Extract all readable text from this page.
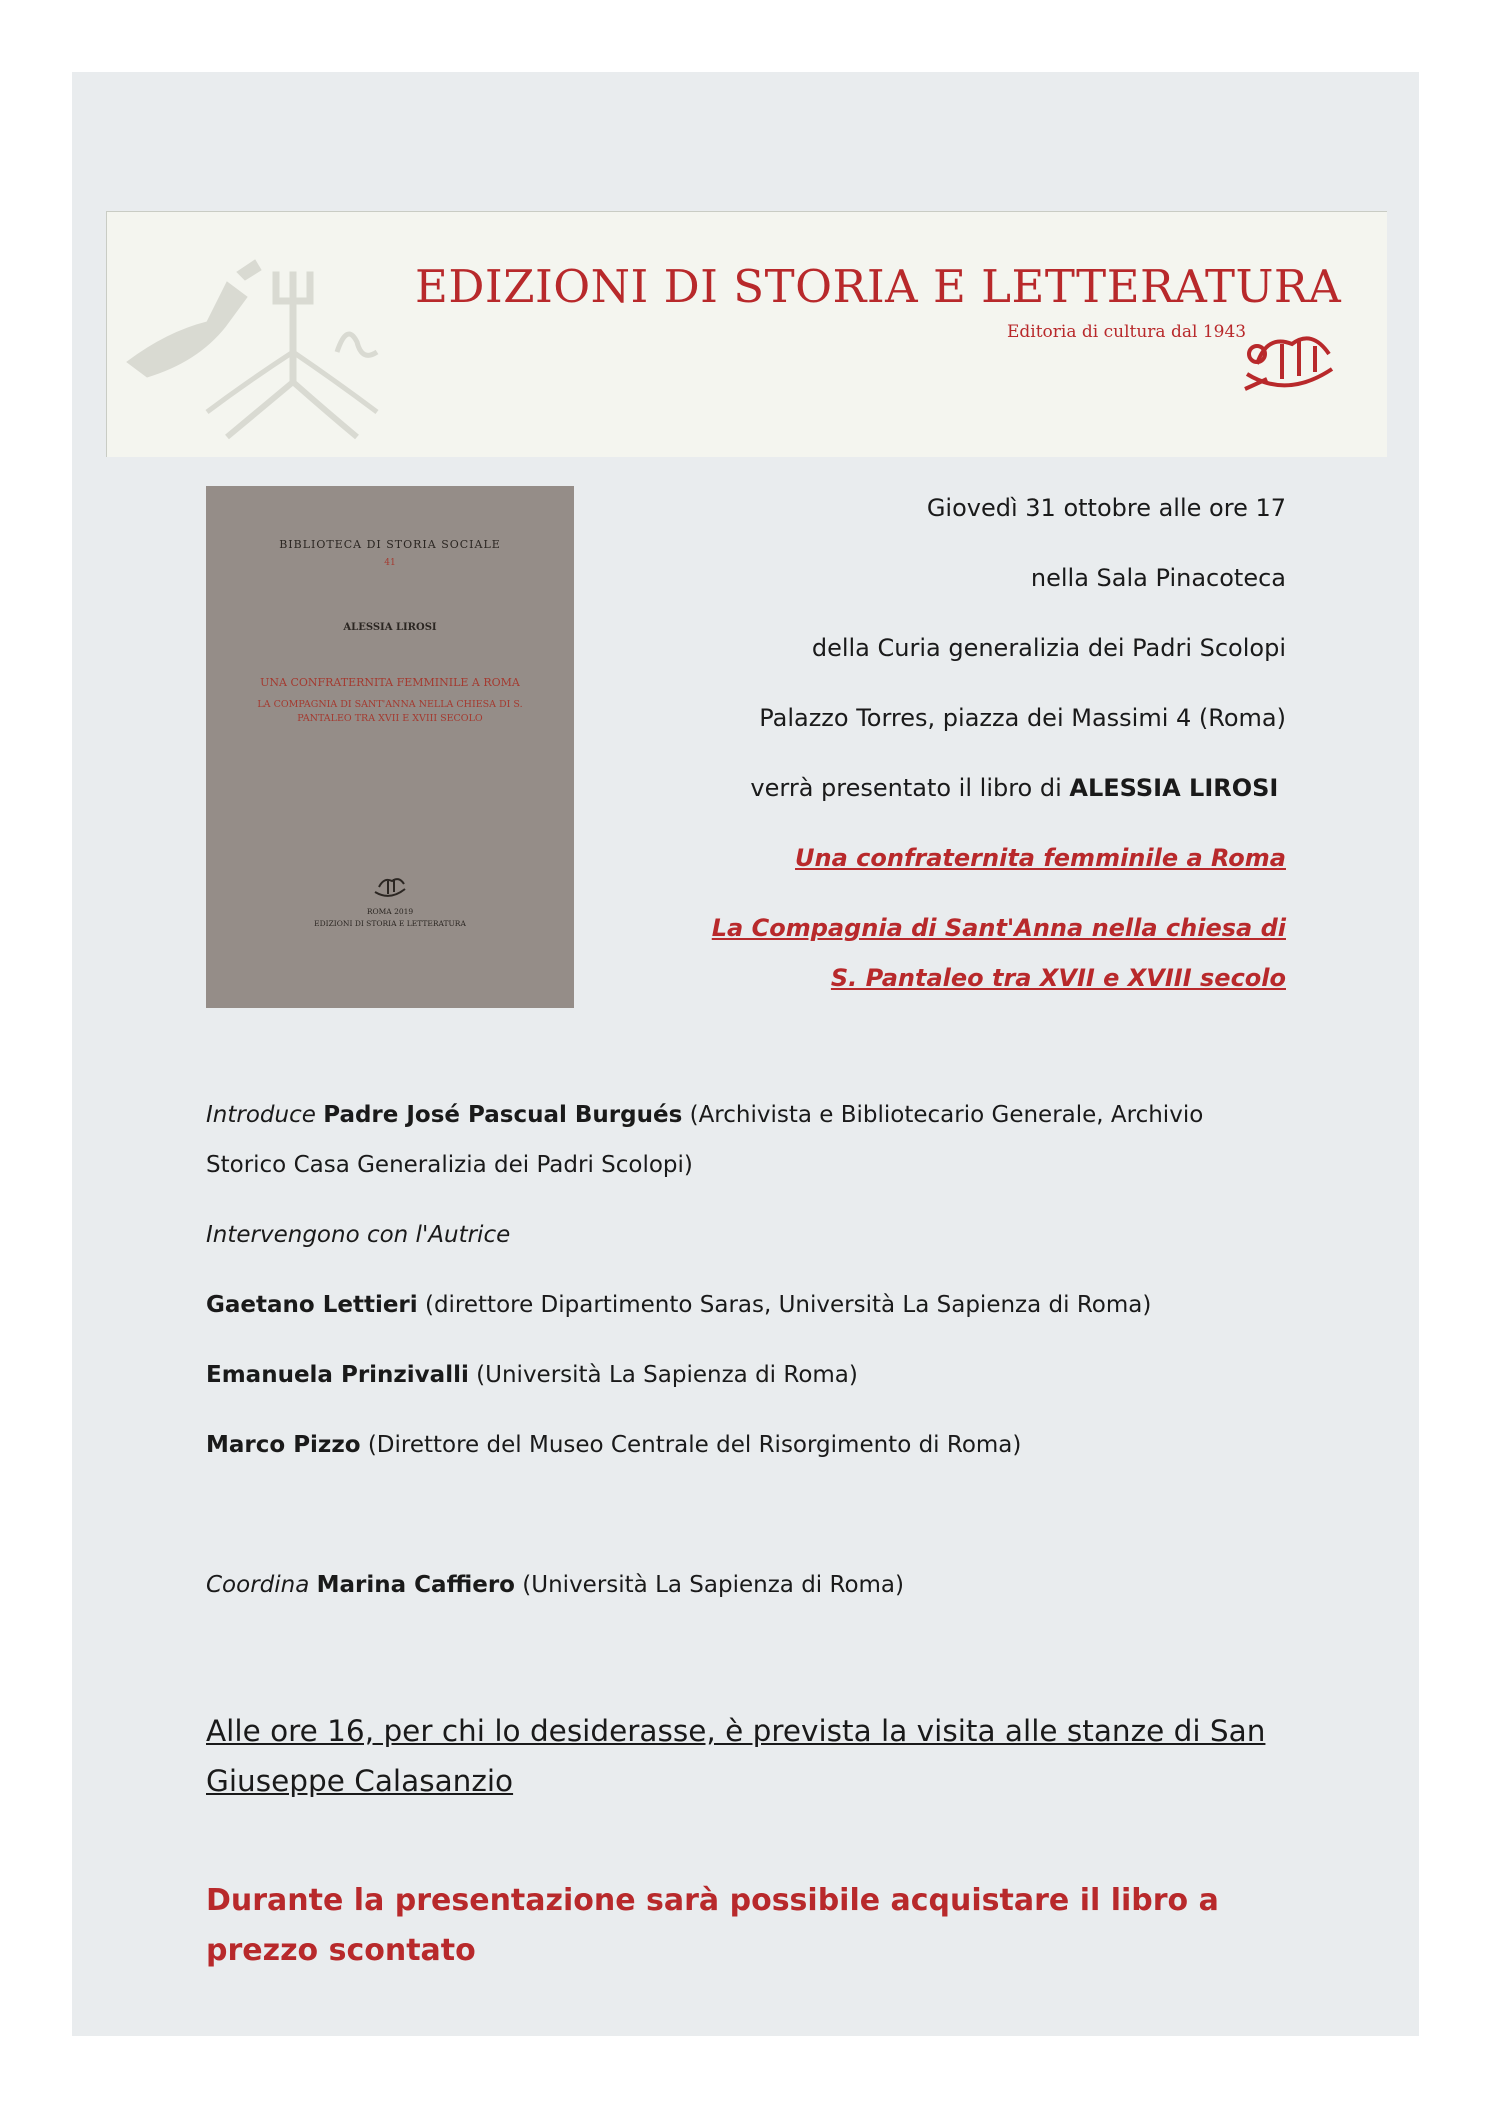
EDIZIONI DI STORIA E LETTERATURA
Editoria di cultura dal 1943
BIBLIOTECA DI STORIA SOCIALE
41
ALESSIA LIROSI
UNA CONFRATERNITA FEMMINILE A ROMA
LA COMPAGNIA DI SANT'ANNA NELLA CHIESA DI S. PANTALEO TRA XVII E XVIII SECOLO
ROMA 2019
EDIZIONI DI STORIA E LETTERATURA
Giovedì 31 ottobre alle ore 17
nella Sala Pinacoteca
della Curia generalizia dei Padri Scolopi
Palazzo Torres, piazza dei Massimi 4 (Roma)
verrà presentato il libro di ALESSIA LIROSI
Una confraternita femminile a Roma
La Compagnia di Sant'Anna nella chiesa di
S. Pantaleo tra XVII e XVIII secolo
Introduce Padre José Pascual Burgués (Archivista e Bibliotecario Generale, Archivio
Storico Casa Generalizia dei Padri Scolopi)
Intervengono con l'Autrice
Gaetano Lettieri (direttore Dipartimento Saras, Università La Sapienza di Roma)
Emanuela Prinzivalli (Università La Sapienza di Roma)
Marco Pizzo (Direttore del Museo Centrale del Risorgimento di Roma)
Coordina Marina Caffiero (Università La Sapienza di Roma)
Alle ore 16, per chi lo desiderasse, è prevista la visita alle stanze di San Giuseppe Calasanzio
Durante la presentazione sarà possibile acquistare il libro a prezzo scontato
